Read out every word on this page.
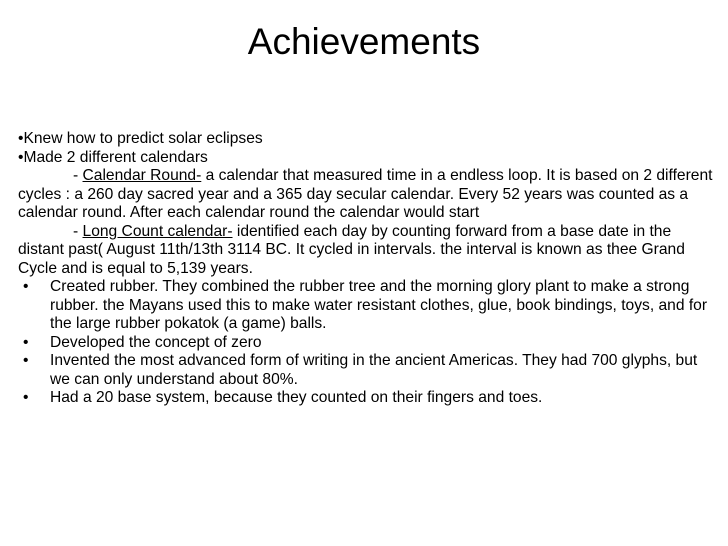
Achievements

•Knew how to predict solar eclipses

•Made 2 different calendars

- Calendar Round- a calendar that measured time in a endless loop. It is based on 2 different cycles : a 260 day sacred year and a 365 day secular calendar. Every 52 years was counted as a calendar round. After each calendar round the calendar would start

- Long Count calendar- identified each day by counting forward from a base date in the distant past( August 11th/13th 3114 BC. It cycled in intervals. the interval is known as thee Grand Cycle and is equal to 5,139 years.

• Created rubber. They combined the rubber tree and the morning glory plant to make a strong rubber. the Mayans used this to make water resistant clothes, glue, book bindings, toys, and for the large rubber pokatok (a game) balls.
• Developed the concept of zero
• Invented the most advanced form of writing in the ancient Americas. They had 700 glyphs, but we can only understand about 80%.
• Had a 20 base system, because they counted on their fingers and toes.
